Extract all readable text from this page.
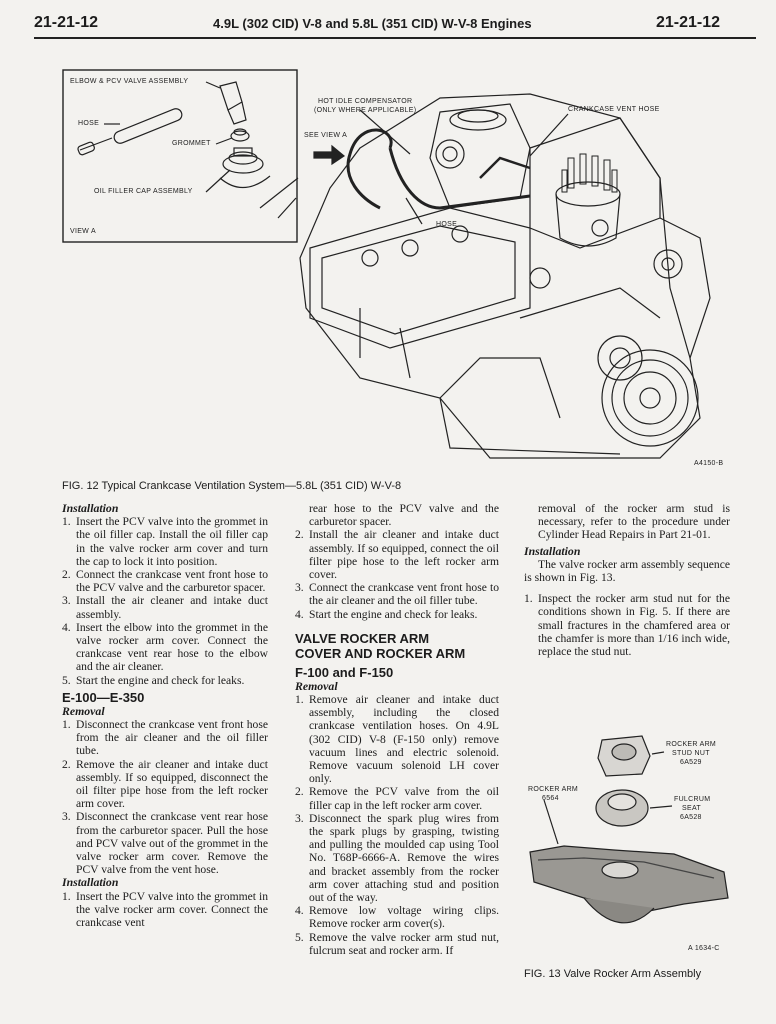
21-21-12	4.9L (302 CID) V-8 and 5.8L (351 CID) W-V-8 Engines	21-21-12
ELBOW & PCV VALVE ASSEMBLY
HOSE
GROMMET
OIL FILLER CAP ASSEMBLY
VIEW A
HOT IDLE COMPENSATOR
(ONLY WHERE APPLICABLE)
SEE VIEW A
CRANKCASE VENT HOSE
HOSE
A4150-B
FIG. 12 Typical Crankcase Ventilation System—5.8L (351 CID) W-V-8

Installation

1. Insert the PCV valve into the grommet in the oil filler cap. Install the oil filler cap in the valve rocker arm cover and turn the cap to lock it into position.
2. Connect the crankcase vent front hose to the PCV valve and the carburetor spacer.
3. Install the air cleaner and intake duct assembly.
4. Insert the elbow into the grommet in the valve rocker arm cover. Connect the crankcase vent rear hose to the elbow and the air cleaner.
5. Start the engine and check for leaks.

E-100—E-350

Removal

1. Disconnect the crankcase vent front hose from the air cleaner and the oil filler tube.
2. Remove the air cleaner and intake duct assembly. If so equipped, disconnect the oil filter pipe hose from the left rocker arm cover.
3. Disconnect the crankcase vent rear hose from the carburetor spacer. Pull the hose and PCV valve out of the grommet in the valve rocker arm cover. Remove the PCV valve from the vent hose.

Installation

1. Insert the PCV valve into the grommet in the valve rocker arm cover. Connect the crankcase vent

rear hose to the PCV valve and the carburetor spacer.

2. Install the air cleaner and intake duct assembly. If so equipped, connect the oil filter pipe hose to the left rocker arm cover.
3. Connect the crankcase vent front hose to the air cleaner and the oil filler tube.
4. Start the engine and check for leaks.

VALVE ROCKER ARM COVER AND ROCKER ARM

F-100 and F-150

Removal

1. Remove air cleaner and intake duct assembly, including the closed crankcase ventilation hoses. On 4.9L (302 CID) V-8 (F-150 only) remove vacuum lines and electric solenoid. Remove vacuum solenoid LH cover only.
2. Remove the PCV valve from the oil filler cap in the left rocker arm cover.
3. Disconnect the spark plug wires from the spark plugs by grasping, twisting and pulling the moulded cap using Tool No. T68P-6666-A. Remove the wires and bracket assembly from the rocker arm cover attaching stud and position out of the way.
4. Remove low voltage wiring clips. Remove rocker arm cover(s).
5. Remove the valve rocker arm stud nut, fulcrum seat and rocker arm. If

removal of the rocker arm stud is necessary, refer to the procedure under Cylinder Head Repairs in Part 21-01.

Installation

The valve rocker arm assembly sequence is shown in Fig. 13.

1. Inspect the rocker arm stud nut for the conditions shown in Fig. 5. If there are small fractures in the chamfered area or the chamfer is more than 1/16 inch wide, replace the stud nut.
ROCKER ARM
STUD NUT
6A529
ROCKER ARM
6564	FULCRUM
SEAT
6A528
A 1634-C
FIG. 13 Valve Rocker Arm Assembly
